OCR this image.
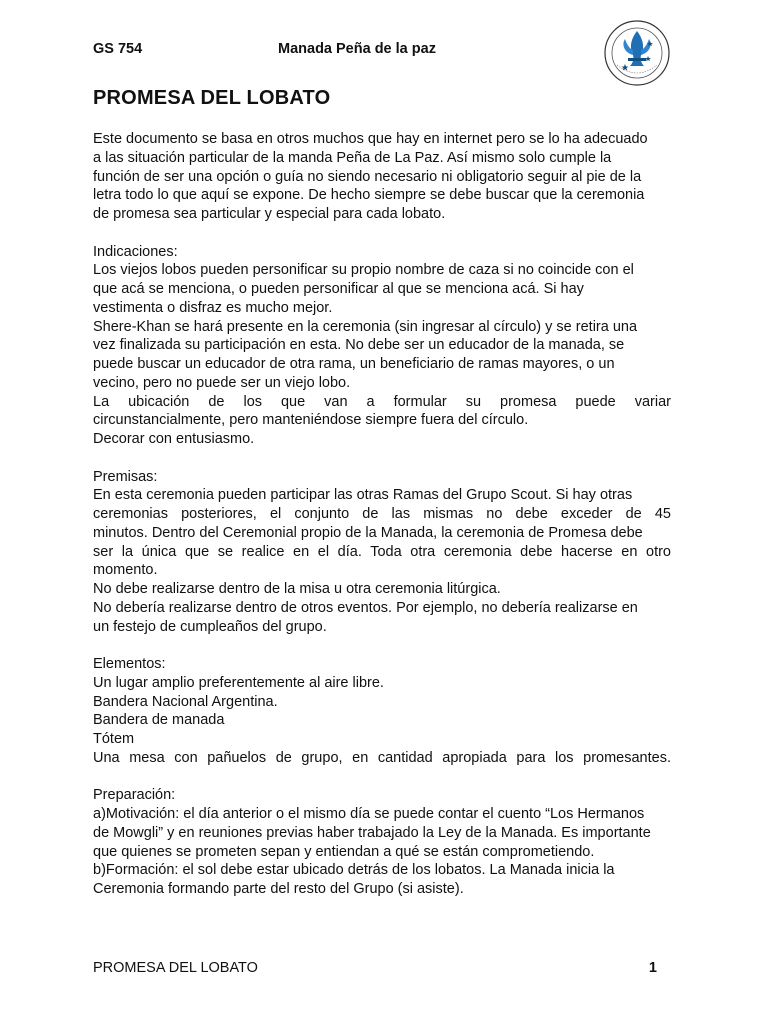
GS 754	Manada Peña de la paz
PROMESA DEL LOBATO
Este documento se basa en otros muchos que hay en internet pero se lo ha adecuado
a las situación particular de la manda Peña de La Paz. Así mismo solo cumple la
función de ser una opción o guía no siendo necesario ni obligatorio seguir al pie de la
letra todo lo que aquí se expone. De hecho siempre se debe buscar que la ceremonia
de promesa sea particular y especial para cada lobato.
Indicaciones:
Los viejos lobos pueden personificar su propio nombre de caza si no coincide con el
que acá se menciona, o pueden personificar al que se menciona acá. Si hay
vestimenta o disfraz es mucho mejor.
Shere-Khan se hará presente en la ceremonia (sin ingresar al círculo) y se retira una
vez finalizada su participación en esta. No debe ser un educador de la manada, se
puede buscar un educador de otra rama, un beneficiario de ramas mayores, o un
vecino, pero no puede ser un viejo lobo.
La ubicación de los que van a formular su promesa puede variar
circunstancialmente, pero manteniéndose siempre fuera del círculo.
Decorar con entusiasmo.
Premisas:
En esta ceremonia pueden participar las otras Ramas del Grupo Scout. Si hay otras
ceremonias posteriores, el conjunto de las mismas no debe exceder de 45
minutos. Dentro del Ceremonial propio de la Manada, la ceremonia de Promesa debe
ser la única que se realice en el día. Toda otra ceremonia debe hacerse en otro
momento.
No debe realizarse dentro de la misa u otra ceremonia litúrgica.
No debería realizarse dentro de otros eventos. Por ejemplo, no debería realizarse en
un festejo de cumpleaños del grupo.
Elementos:
Un lugar amplio preferentemente al aire libre.
Bandera Nacional Argentina.
Bandera de manada
Tótem
Una mesa con pañuelos de grupo, en cantidad apropiada para los promesantes.
Preparación:
a)Motivación: el día anterior o el mismo día se puede contar el cuento “Los Hermanos
de Mowgli” y en reuniones previas haber trabajado la Ley de la Manada. Es importante
que quienes se prometen sepan y entiendan a qué se están comprometiendo.
b)Formación: el sol debe estar ubicado detrás de los lobatos. La Manada inicia la
Ceremonia formando parte del resto del Grupo (si asiste).
PROMESA DEL LOBATO	1
